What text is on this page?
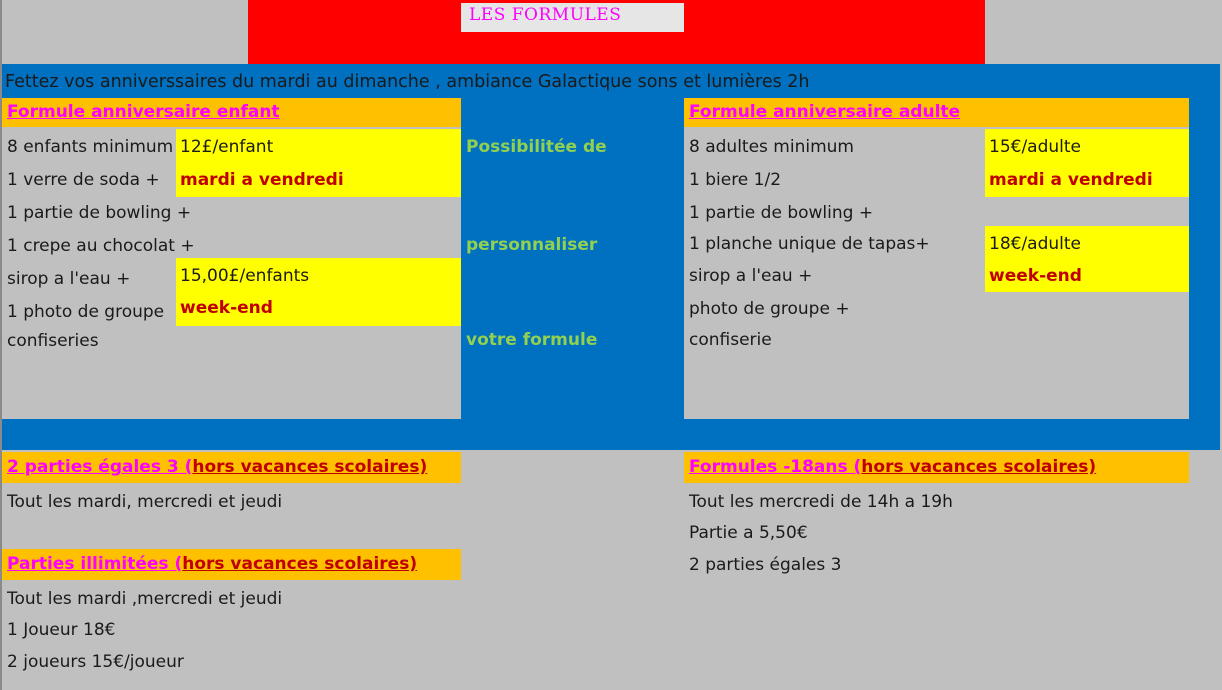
LES FORMULES
Fettez vos anniverssaires du mardi au dimanche , ambiance Galactique sons et lumières 2h
Formule anniversaire enfant
8 enfants minimum
1 verre de soda +
1 partie de bowling +
1 crepe au chocolat +
sirop a l'eau +
1 photo de groupe
confiseries
12£/enfant
mardi a vendredi
15,00£/enfants
week-end
Possibilitée de
personnaliser
votre formule
Formule anniversaire adulte
8 adultes minimum
1 biere 1/2
1 partie de bowling +
1 planche unique de tapas+
sirop a l'eau +
photo de groupe +
confiserie
15€/adulte
mardi a vendredi
18€/adulte
week-end
2 parties égales 3 (hors vacances scolaires)
Tout les mardi, mercredi et jeudi
Parties illimitées (hors vacances scolaires)
Tout les mardi ,mercredi et jeudi
1 Joueur 18€
2 joueurs 15€/joueur
Formules -18ans (hors vacances scolaires)
Tout les mercredi de 14h a 19h
Partie a 5,50€
2 parties égales 3
